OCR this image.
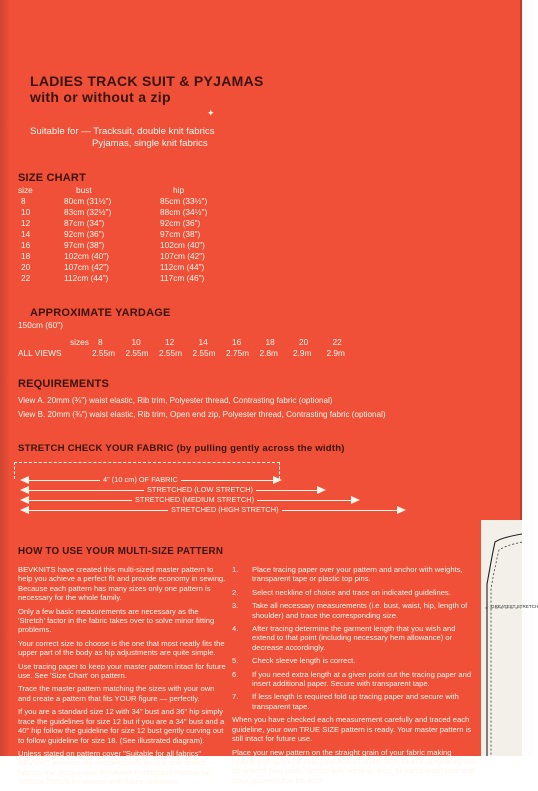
LADIES TRACK SUIT & PYJAMAS
with or without a zip
✦
Suitable for — Tracksuit, double knit fabrics
Pyjamas, single knit fabrics
SIZE CHART
size	bust	hip
8	80cm (31½")	85cm (33½")
10	83cm (32½")	88cm (34½")
12	87cm (34")	92cm (36")
14	92cm (36")	97cm (38")
16	97cm (38")	102cm (40")
18	102cm (40")	107cm (42")
20	107cm (42")	112cm (44")
22	112cm (44")	117cm (46")
APPROXIMATE YARDAGE
150cm (60")
	sizes	8	10	12	14	16	18	20	22
ALL VIEWS		2.55m	2.55m	2.55m	2.55m	2.75m	2.8m	2.9m	2.9m
REQUIREMENTS
View A. 20mm (¾") waist elastic, Rib trim, Polyester thread, Contrasting fabric (optional)
View B. 20mm (¾") waist elastic, Rib trim, Open end zip, Polyester thread, Contrasting fabric (optional)
STRETCH CHECK YOUR FABRIC (by pulling gently across the width)
4" (10 cm) OF FABRIC
STRETCHED (LOW STRETCH)
STRETCHED (MEDIUM STRETCH)
STRETCHED (HIGH STRETCH)
HOW TO USE YOUR MULTI-SIZE PATTERN

BEVKNITS have created this multi-sized master pattern to help you achieve a perfect fit and provide economy in sewing. Because each pattern has many sizes only one pattern is necessary for the whole family.

Only a few basic measurements are necessary as the 'Stretch' factor in the fabric takes over to solve minor fitting problems.

Your correct size to choose is the one that most neatly fits the upper part of the body as hip adjustments are quite simple.

Use tracing paper to keep your master pattern intact for future use. See 'Size Chart' on pattern.

Trace the master pattern matching the sizes with your own and create a pattern that fits YOUR figure — perfectly.

If you are a standard size 12 with 34" bust and 36" hip simply trace the guidelines for size 12 but if you are a 34" bust and a 40" hip follow the guideline for size 12 bust gently curving out to follow guideline for size 18. (See illustrated diagram).

Unless stated on pattern cover "Suitable for all fabrics" BEVKNIT patterns are designed only for knit and stretch fabrics. We recommend BEVKNIT Foundation Pattern No. 7000 or 7000/A for women with figure problems.

1. Place tracing paper over your pattern and anchor with weights, transparent tape or plastic top pins.
2. Select neckline of choice and trace on indicated guidelines.
3. Take all necessary measurements (i.e. bust, waist, hip, length of shoulder) and trace the corresponding size.
4. After tracing determine the garment length that you wish and extend to that point (including necessary hem allowance) or decrease accordingly.
5. Check sleeve length is correct.
6. If you need extra length at a given point cut the tracing paper and insert additional paper. Secure with transparent tape.
7. If less length is required fold up tracing paper and secure with transparent tape.

When you have checked each measurement carefully and traced each guideline, your own TRUE SIZE pattern is ready. Your master pattern is still intact for future use.

Place your new pattern on the straight grain of your fabric making certain that ALWAYS THE GREATEST STRETCH IN YOUR FABRIC will go around your body. Secure with weights, pins, or transparent tape and cut a garment that fits you!

GREATEST STRETCH
